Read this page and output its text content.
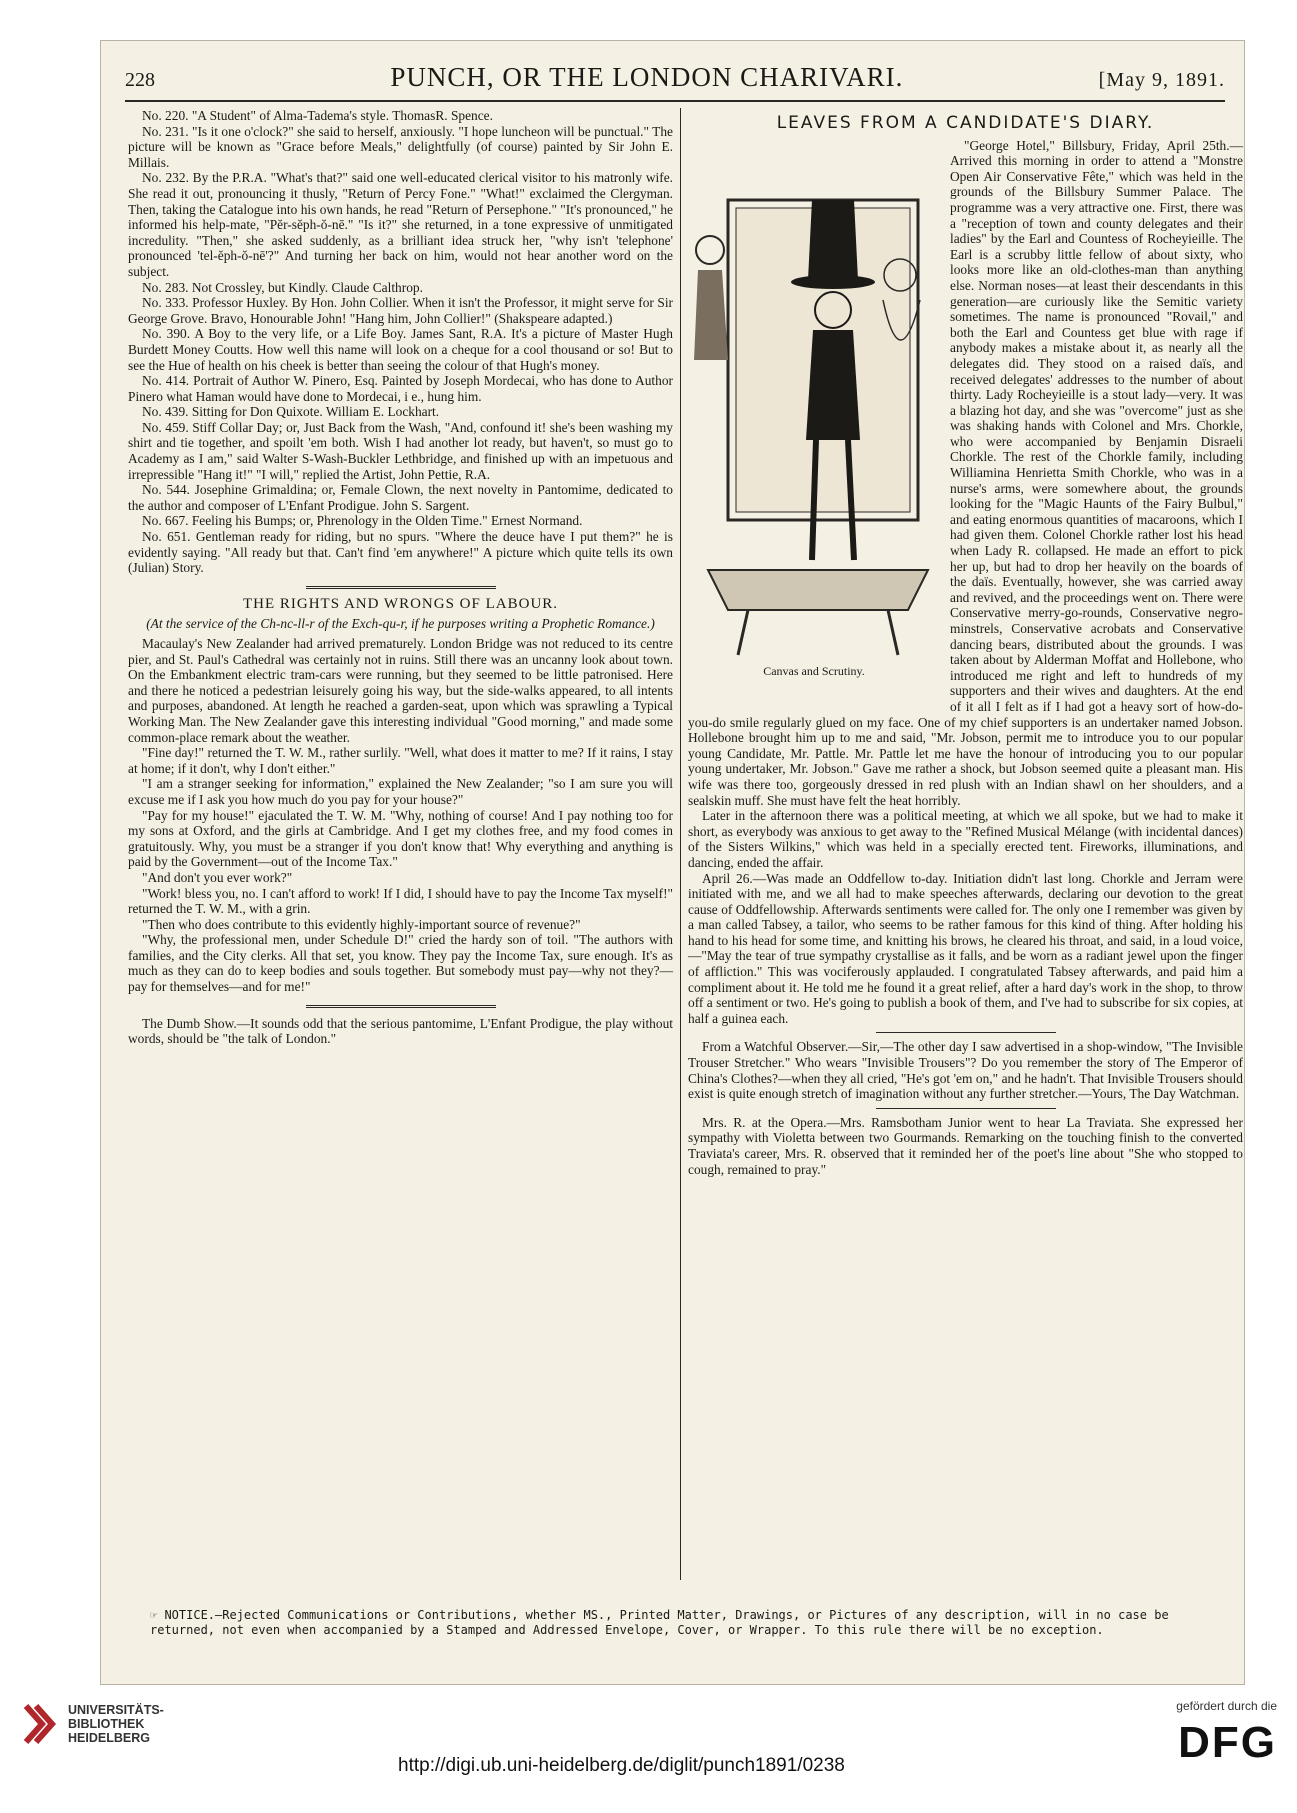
228	PUNCH, OR THE LONDON CHARIVARI.	[May 9, 1891.

No. 220. "A Student" of Alma-Tadema's style. ThomasR. Spence.

No. 231. "Is it one o'clock?" she said to herself, anxiously. "I hope luncheon will be punctual." The picture will be known as "Grace before Meals," delightfully (of course) painted by Sir John E. Millais.

No. 232. By the P.R.A. "What's that?" said one well-educated clerical visitor to his matronly wife. She read it out, pronouncing it thusly, "Return of Percy Fone." "What!" exclaimed the Clergyman. Then, taking the Catalogue into his own hands, he read "Return of Persephone." "It's pronounced," he informed his help-mate, "Pĕr-sĕph-ŏ-nē." "Is it?" she returned, in a tone expressive of unmitigated incredulity. "Then," she asked suddenly, as a brilliant idea struck her, "why isn't 'telephone' pronounced 'tel-ĕph-ŏ-nē'?" And turning her back on him, would not hear another word on the subject.

No. 283. Not Crossley, but Kindly. Claude Calthrop.

No. 333. Professor Huxley. By Hon. John Collier. When it isn't the Professor, it might serve for Sir George Grove. Bravo, Honourable John! "Hang him, John Collier!" (Shakspeare adapted.)

No. 390. A Boy to the very life, or a Life Boy. James Sant, R.A. It's a picture of Master Hugh Burdett Money Coutts. How well this name will look on a cheque for a cool thousand or so! But to see the Hue of health on his cheek is better than seeing the colour of that Hugh's money.

No. 414. Portrait of Author W. Pinero, Esq. Painted by Joseph Mordecai, who has done to Author Pinero what Haman would have done to Mordecai, i e., hung him.

No. 439. Sitting for Don Quixote. William E. Lockhart.

No. 459. Stiff Collar Day; or, Just Back from the Wash, "And, confound it! she's been washing my shirt and tie together, and spoilt 'em both. Wish I had another lot ready, but haven't, so must go to Academy as I am," said Walter S-Wash-Buckler Lethbridge, and finished up with an impetuous and irrepressible "Hang it!" "I will," replied the Artist, John Pettie, R.A.

No. 544. Josephine Grimaldina; or, Female Clown, the next novelty in Pantomime, dedicated to the author and composer of L'Enfant Prodigue. John S. Sargent.

No. 667. Feeling his Bumps; or, Phrenology in the Olden Time." Ernest Normand.

No. 651. Gentleman ready for riding, but no spurs. "Where the deuce have I put them?" he is evidently saying. "All ready but that. Can't find 'em anywhere!" A picture which quite tells its own (Julian) Story.

THE RIGHTS AND WRONGS OF LABOUR.
(At the service of the Ch-nc-ll-r of the Exch-qu-r, if he purposes writing a Prophetic Romance.)

Macaulay's New Zealander had arrived prematurely. London Bridge was not reduced to its centre pier, and St. Paul's Cathedral was certainly not in ruins. Still there was an uncanny look about town. On the Embankment electric tram-cars were running, but they seemed to be little patronised. Here and there he noticed a pedestrian leisurely going his way, but the side-walks appeared, to all intents and purposes, abandoned. At length he reached a garden-seat, upon which was sprawling a Typical Working Man. The New Zealander gave this interesting individual "Good morning," and made some common-place remark about the weather.

"Fine day!" returned the T. W. M., rather surlily. "Well, what does it matter to me? If it rains, I stay at home; if it don't, why I don't either."

"I am a stranger seeking for information," explained the New Zealander; "so I am sure you will excuse me if I ask you how much do you pay for your house?"

"Pay for my house!" ejaculated the T. W. M. "Why, nothing of course! And I pay nothing too for my sons at Oxford, and the girls at Cambridge. And I get my clothes free, and my food comes in gratuitously. Why, you must be a stranger if you don't know that! Why everything and anything is paid by the Government—out of the Income Tax."

"And don't you ever work?"

"Work! bless you, no. I can't afford to work! If I did, I should have to pay the Income Tax myself!" returned the T. W. M., with a grin.

"Then who does contribute to this evidently highly-important source of revenue?"

"Why, the professional men, under Schedule D!" cried the hardy son of toil. "The authors with families, and the City clerks. All that set, you know. They pay the Income Tax, sure enough. It's as much as they can do to keep bodies and souls together. But somebody must pay—why not they?—pay for themselves—and for me!"

The Dumb Show.—It sounds odd that the serious pantomime, L'Enfant Prodigue, the play without words, should be "the talk of London."

LEAVES FROM A CANDIDATE'S DIARY.
Canvas and Scrutiny.

"George Hotel," Billsbury, Friday, April 25th.—Arrived this morning in order to attend a "Monstre Open Air Conservative Fête," which was held in the grounds of the Billsbury Summer Palace. The programme was a very attractive one. First, there was a "reception of town and county delegates and their ladies" by the Earl and Countess of Rocheyieille. The Earl is a scrubby little fellow of about sixty, who looks more like an old-clothes-man than anything else. Norman noses—at least their descendants in this generation—are curiously like the Semitic variety sometimes. The name is pronounced "Rovail," and both the Earl and Countess get blue with rage if anybody makes a mistake about it, as nearly all the delegates did. They stood on a raised daïs, and received delegates' addresses to the number of about thirty. Lady Rocheyieille is a stout lady—very. It was a blazing hot day, and she was "overcome" just as she was shaking hands with Colonel and Mrs. Chorkle, who were accompanied by Benjamin Disraeli Chorkle. The rest of the Chorkle family, including Williamina Henrietta Smith Chorkle, who was in a nurse's arms, were somewhere about, the grounds looking for the "Magic Haunts of the Fairy Bulbul," and eating enormous quantities of macaroons, which I had given them. Colonel Chorkle rather lost his head when Lady R. collapsed. He made an effort to pick her up, but had to drop her heavily on the boards of the daïs. Eventually, however, she was carried away and revived, and the proceedings went on. There were Conservative merry-go-rounds, Conservative negro-minstrels, Conservative acrobats and Conservative dancing bears, distributed about the grounds. I was taken about by Alderman Moffat and Hollebone, who introduced me right and left to hundreds of my supporters and their wives and daughters. At the end of it all I felt as if I had got a heavy sort of how-do-you-do smile regularly glued on my face. One of my chief supporters is an undertaker named Jobson. Hollebone brought him up to me and said, "Mr. Jobson, permit me to introduce you to our popular young Candidate, Mr. Pattle. Mr. Pattle let me have the honour of introducing you to our popular young undertaker, Mr. Jobson." Gave me rather a shock, but Jobson seemed quite a pleasant man. His wife was there too, gorgeously dressed in red plush with an Indian shawl on her shoulders, and a sealskin muff. She must have felt the heat horribly.

Later in the afternoon there was a political meeting, at which we all spoke, but we had to make it short, as everybody was anxious to get away to the "Refined Musical Mélange (with incidental dances) of the Sisters Wilkins," which was held in a specially erected tent. Fireworks, illuminations, and dancing, ended the affair.

April 26.—Was made an Oddfellow to-day. Initiation didn't last long. Chorkle and Jerram were initiated with me, and we all had to make speeches afterwards, declaring our devotion to the great cause of Oddfellowship. Afterwards sentiments were called for. The only one I remember was given by a man called Tabsey, a tailor, who seems to be rather famous for this kind of thing. After holding his hand to his head for some time, and knitting his brows, he cleared his throat, and said, in a loud voice,—"May the tear of true sympathy crystallise as it falls, and be worn as a radiant jewel upon the finger of affliction." This was vociferously applauded. I congratulated Tabsey afterwards, and paid him a compliment about it. He told me he found it a great relief, after a hard day's work in the shop, to throw off a sentiment or two. He's going to publish a book of them, and I've had to subscribe for six copies, at half a guinea each.

From a Watchful Observer.—Sir,—The other day I saw advertised in a shop-window, "The Invisible Trouser Stretcher." Who wears "Invisible Trousers"? Do you remember the story of The Emperor of China's Clothes?—when they all cried, "He's got 'em on," and he hadn't. That Invisible Trousers should exist is quite enough stretch of imagination without any further stretcher.—Yours, The Day Watchman.

Mrs. R. at the Opera.—Mrs. Ramsbotham Junior went to hear La Traviata. She expressed her sympathy with Violetta between two Gourmands. Remarking on the touching finish to the converted Traviata's career, Mrs. R. observed that it reminded her of the poet's line about "She who stopped to cough, remained to pray."

☞ NOTICE.—Rejected Communications or Contributions, whether MS., Printed Matter, Drawings, or Pictures of any description, will in no case be returned, not even when accompanied by a Stamped and Addressed Envelope, Cover, or Wrapper. To this rule there will be no exception.
UNIVERSITÄTS-
BIBLIOTHEK
HEIDELBERG
http://digi.ub.uni-heidelberg.de/diglit/punch1891/0238
gefördert durch die
DFG
